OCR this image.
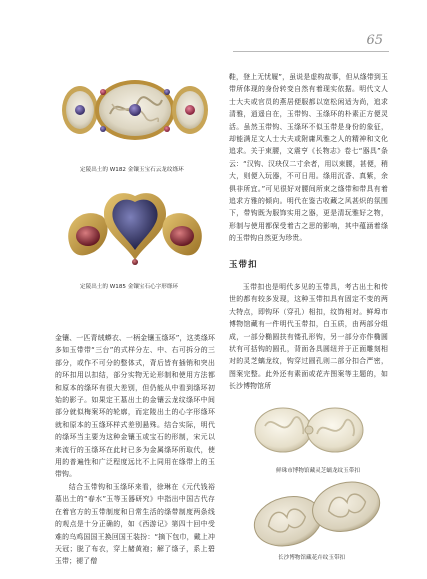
65
定陵出土的 W182 金镶玉宝石云龙纹绦环
定陵出土的 W185 金镶宝石心字形绦环

金镶、一匹青绒蟒衣、一柄金镶玉绦环”，这类绦环多如玉带带“三台”的式样分左、中、右可拆分的三部分，或作不可分的整体式，背后皆有插销和突出的环扣用以扣结，部分实物无论形制和使用方法都和原本的绦环有很大差别，但仍能从中看到绦环初始的影子。如果定王墓出土的金镶云龙纹绦环中间部分就似梅案环的轮廓，而定陵出土的心字形绦环就和原本的玉绦环样式差别悬殊。结合实际，明代的绦环当主要为这种金镶玉或宝石的形制，宋元以来流行的玉绦环在此时已多为金属绦环所取代，使用的普遍性和广泛程度远比不上同用在绦带上的玉带钩。

结合玉带钩和玉绦环来看，徐琳在《元代钱裕墓出土的“春水”玉等玉器研究》中指出中国古代存在着官方的玉带制度和日常生活的绦带制度两条线的观点是十分正确的，如《西游记》第四十回中受难的乌鸡国国王换回国王装扮：“摘下包巾，戴上冲天冠；脱了布衣，穿上赭黄袍；解了绦子，系上碧玉带；褪了僧

鞋，登上无忧履”，虽说是虚构故事，但从绦带到玉带所体现的身份转变自然有着现实依据。明代文人士大夫或官员的燕居便服都以宽松闲适为尚，追求清雅，逍遥自在，玉带钩、玉绦环的朴素正方便灵活。虽然玉带钩、玉绦环不似玉带是身份的象征，却能满足文人士大夫或附庸风雅之人的精神和文化追求。关于束腰，文震亨《长物志》卷七“器具”条云：“汉钩、汉玦仅二寸余者，用以束腰，甚便，稍大，则便入玩器，不可日用。绦用沉香、真紫，余俱非所宜。”可见很好对腰间所束之绦带和带具有着追求方雅的倾向。明代在鉴古收藏之风甚炽的氛围下，带钩既为服饰实用之器，更是清玩雅好之物，形制与使用都保受着古之思的影响，其中蕴涵着绦的玉带钩自然更为珍贵。

玉带扣

玉带扣也是明代多见的玉带具，考古出土和传世的都有较多发现，这种玉带扣具有固定不变的两大特点，即钩环（穿孔）相扣，纹饰相对。鲜埠市博物馆藏有一件明代玉带扣，白玉质，由两部分组成，一部分椭圆扶有镂孔形钩，另一部分亦作椭圆状有可括钩的圆孔，背面各具圆纽并于正面雕刻相对的灵芝螭龙纹，钩穿过圆孔则二部分扣合严密，图案完整。此外还有素面或花卉图案等主题的，如长沙博物馆所

鲜珠市博物馆藏灵芝螭龙纹玉带扣
长沙博物馆藏花卉纹玉带扣
